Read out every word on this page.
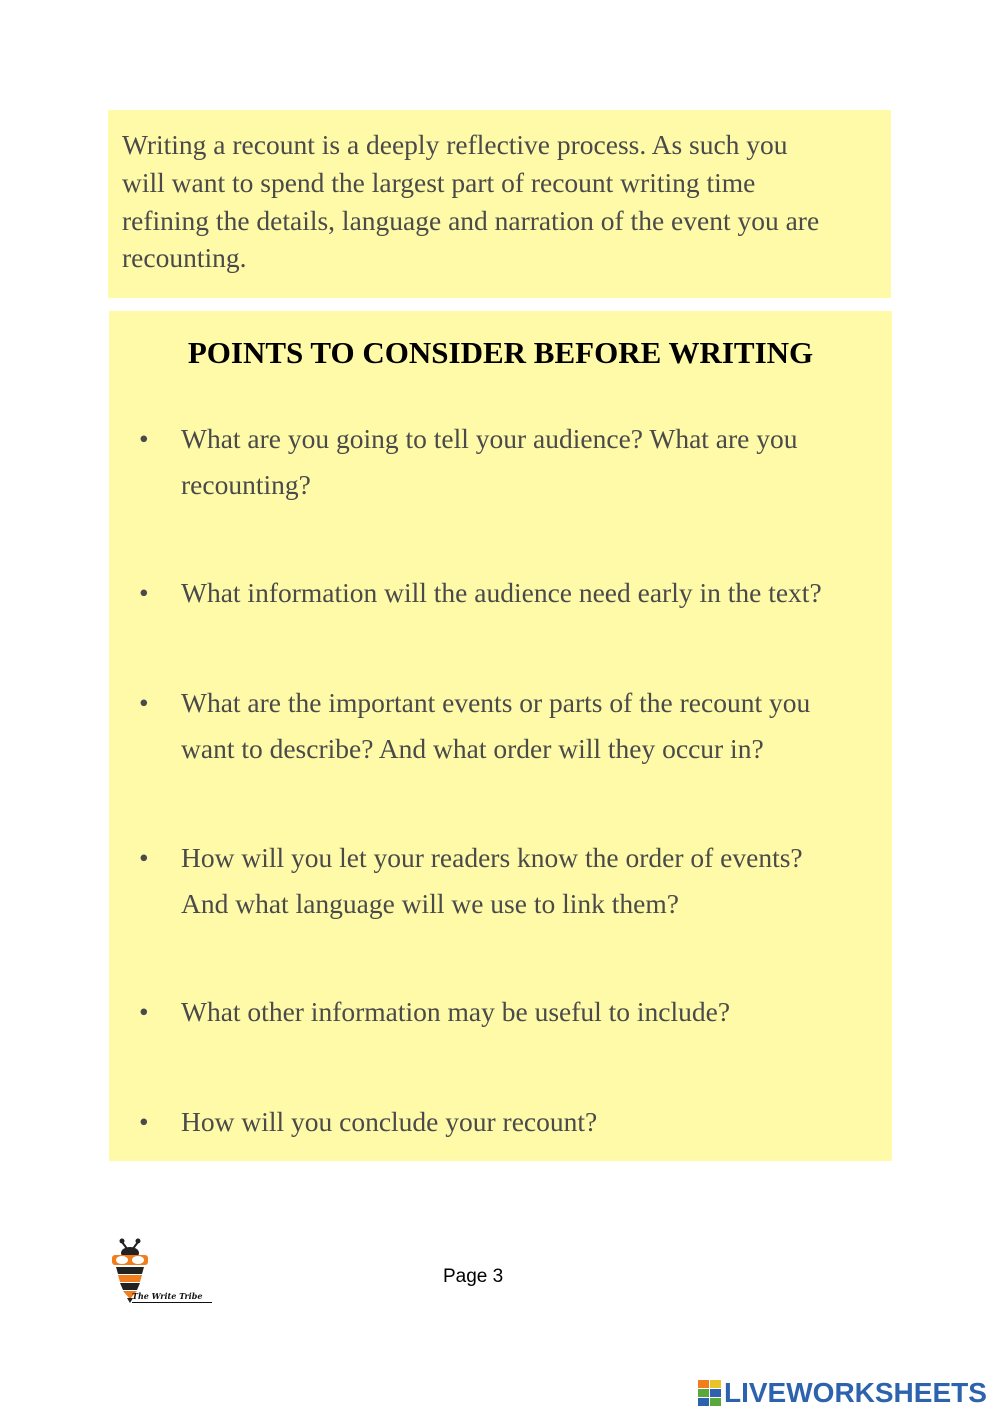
Writing a recount is a deeply reflective process. As such you
will want to spend the largest part of recount writing time
refining the details, language and narration of the event you are
recounting.

POINTS TO CONSIDER BEFORE WRITING
• What are you going to tell your audience? What are you
recounting?
• What information will the audience need early in the text?
• What are the important events or parts of the recount you
want to describe? And what order will they occur in?
• How will you let your readers know the order of events?
And what language will we use to link them?
• What other information may be useful to include?
• How will you conclude your recount?
The Write Tribe
Page 3
LIVEWORKSHEETS
